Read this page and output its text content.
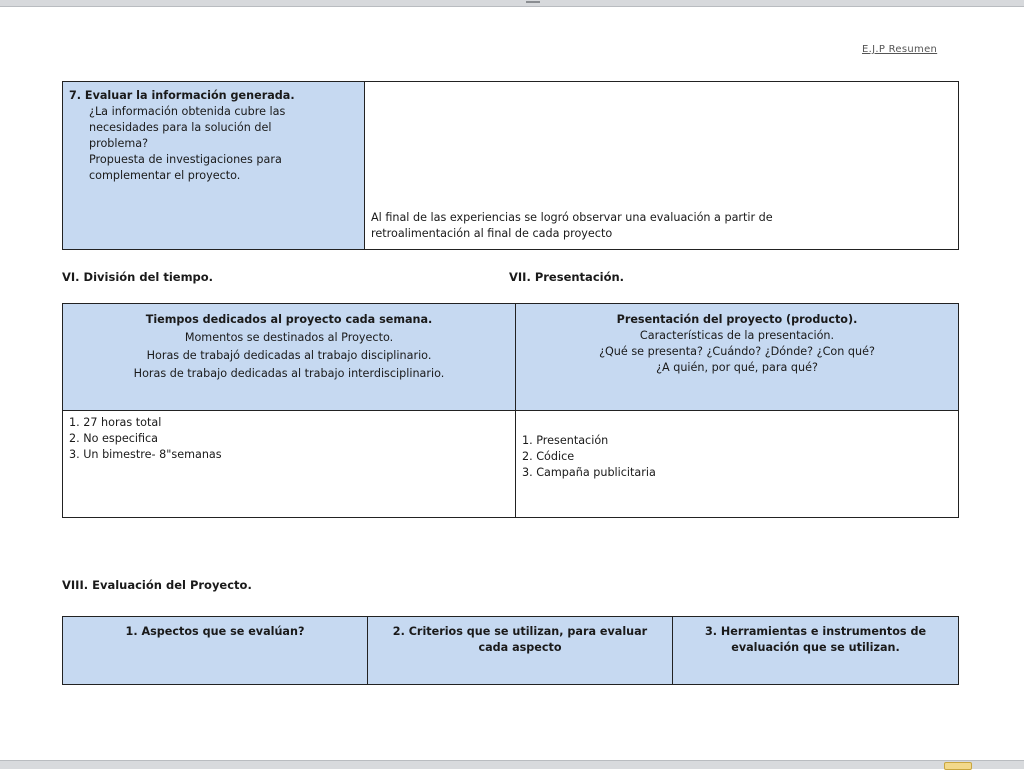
E.J.P Resumen
7. Evaluar la información generada.
¿La información obtenida cubre las
necesidades para la solución del
problema?
Propuesta de investigaciones para
complementar el proyecto.
Al final de las experiencias se logró observar una evaluación a partir de
retroalimentación al final de cada proyecto
VI. División del tiempo.	VII. Presentación.
Tiempos dedicados al proyecto cada semana.
Momentos se destinados al Proyecto.
Horas de trabajó dedicadas al trabajo disciplinario.
Horas de trabajo dedicadas al trabajo interdisciplinario.
Presentación del proyecto (producto).
Características de la presentación.
¿Qué se presenta? ¿Cuándo? ¿Dónde? ¿Con qué?
¿A quién, por qué, para qué?
1. 27 horas total
2. No especifica
3. Un bimestre- 8"semanas
1. Presentación
2. Códice
3. Campaña publicitaria
VIII. Evaluación del Proyecto.
1. Aspectos que se evalúan?	2. Criterios que se utilizan, para evaluar cada aspecto
3. Herramientas e instrumentos de evaluación que se utilizan.
